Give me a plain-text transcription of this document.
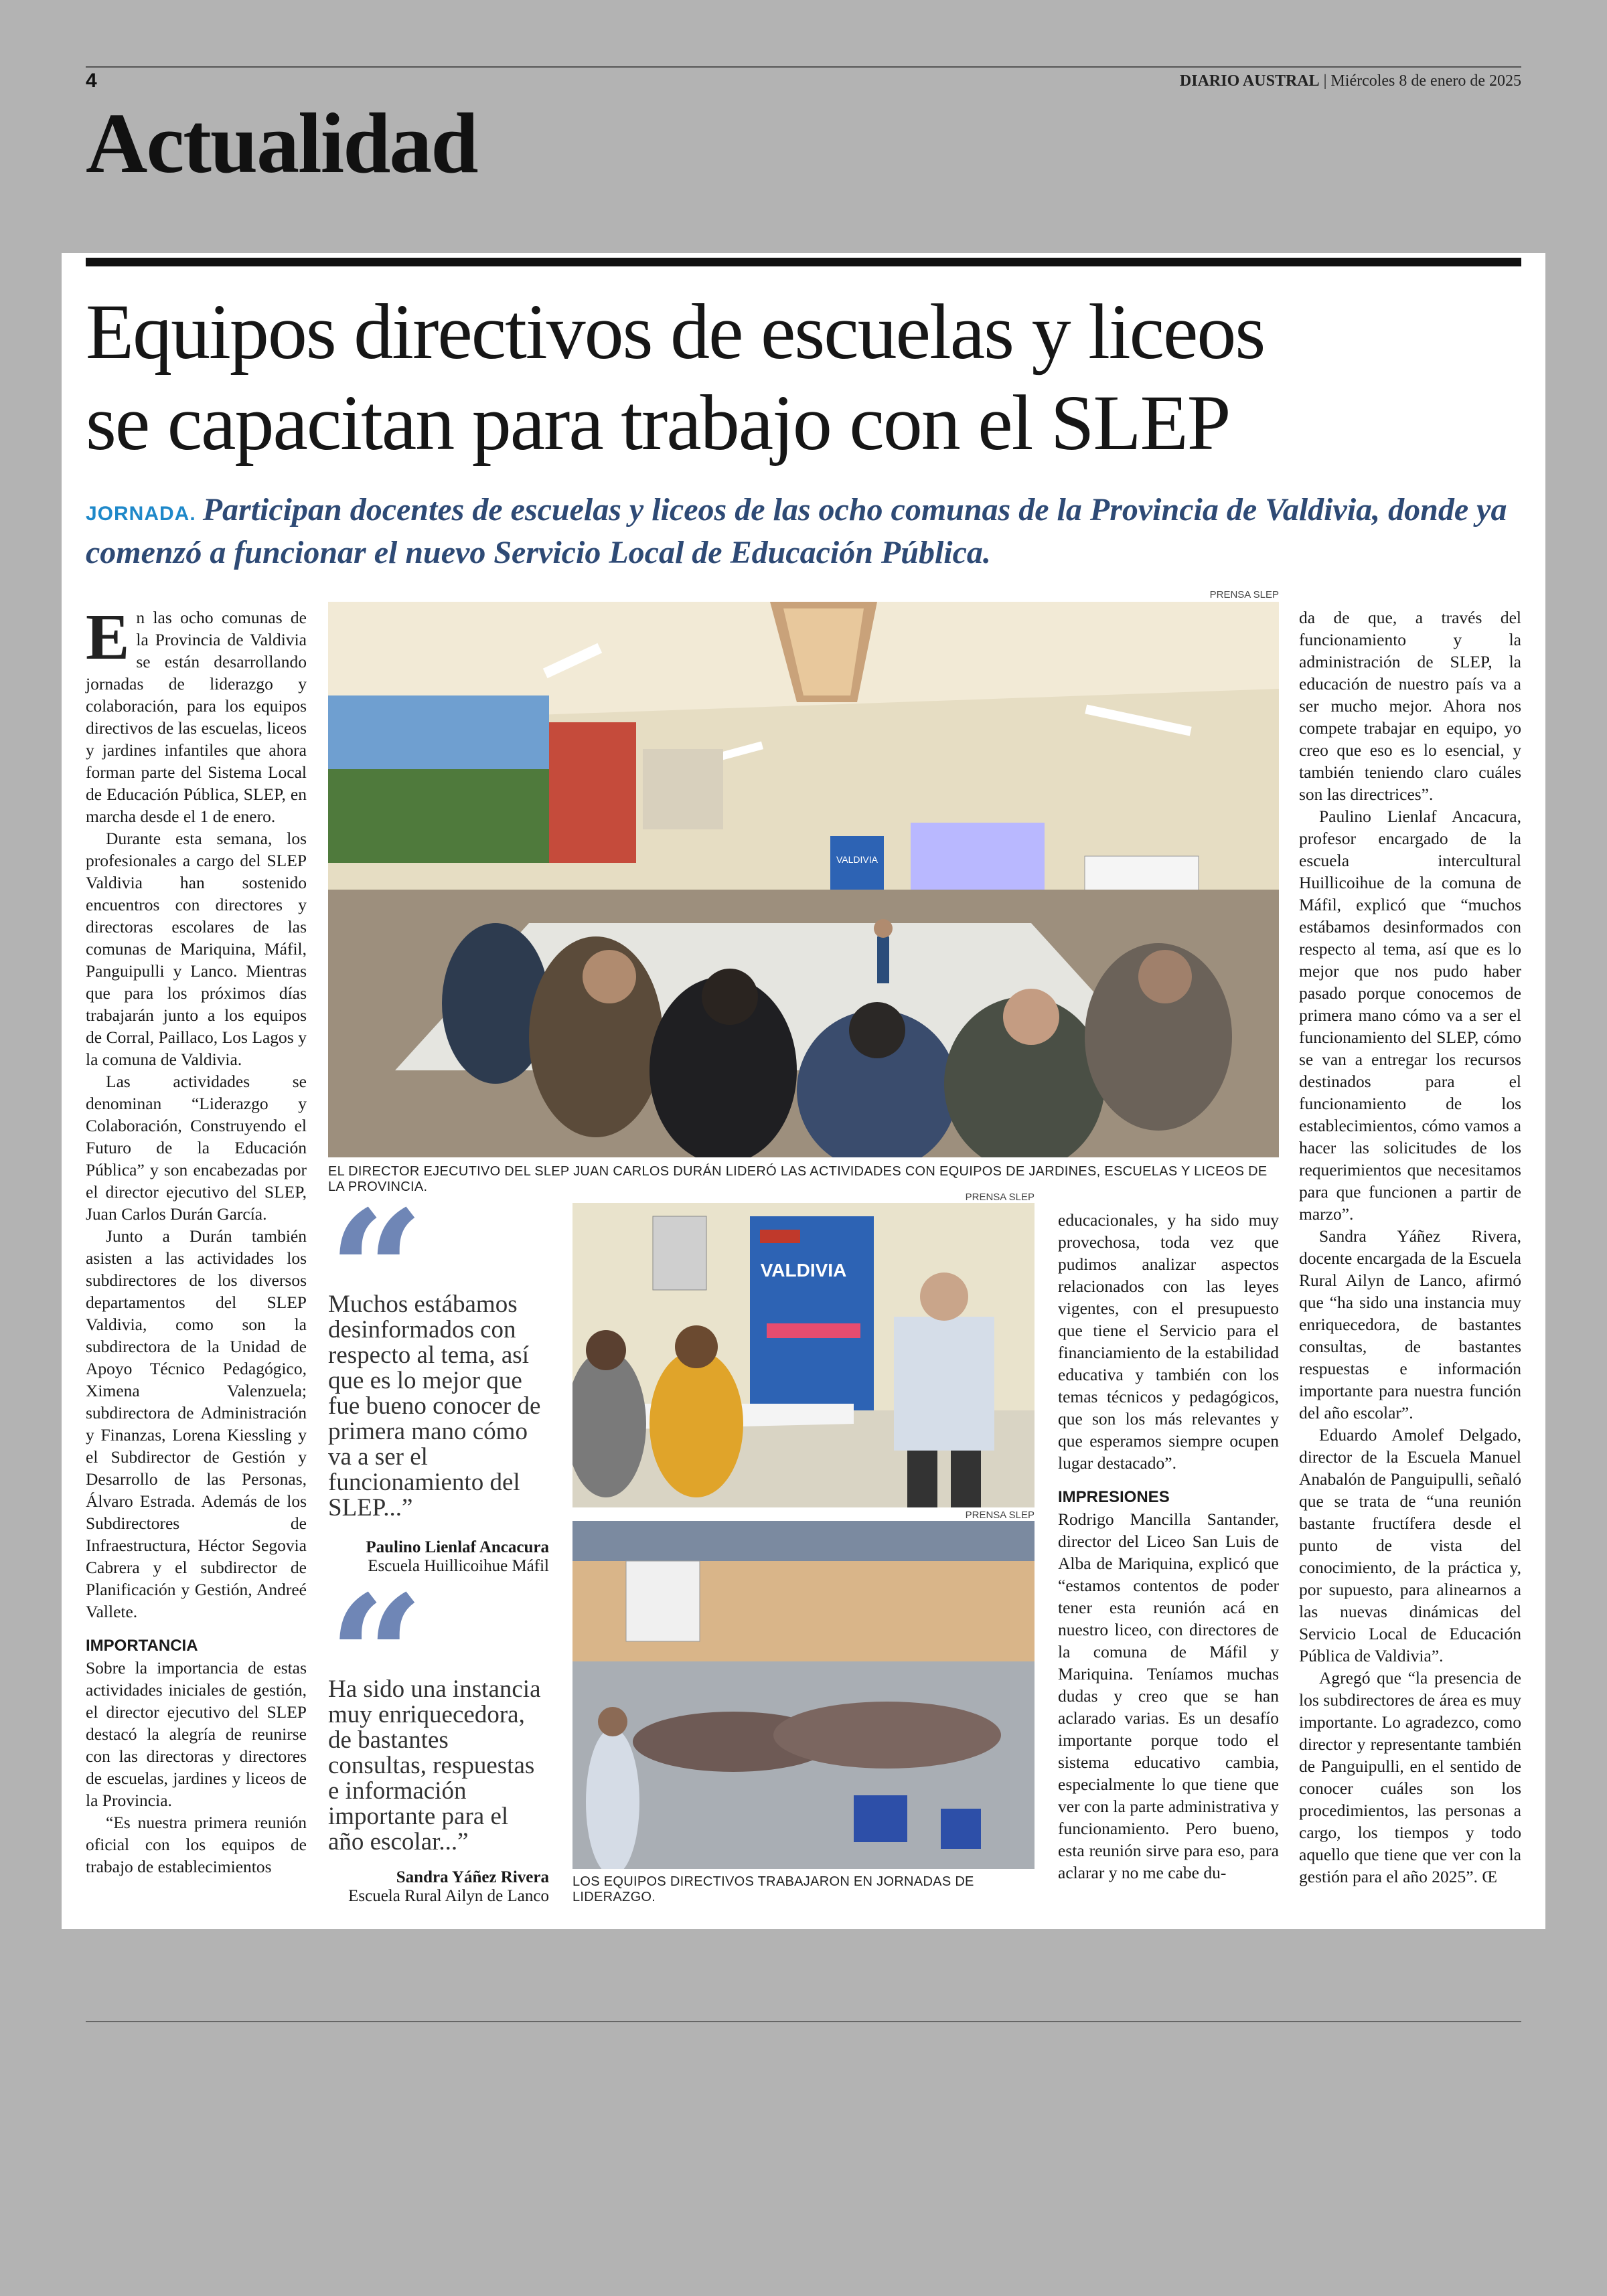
4	DIARIO AUSTRAL | Miércoles 8 de enero de 2025
Actualidad
Equipos directivos de escuelas y liceos
se capacitan para trabajo con el SLEP
JORNADA. Participan docentes de escuelas y liceos de las ocho comunas de la Provincia de Valdivia, donde ya comenzó a funcionar el nuevo Servicio Local de Educación Pública.

En las ocho comunas de la Provincia de Valdivia se están desarrollando jornadas de liderazgo y colaboración, para los equipos directivos de las escuelas, liceos y jardines infantiles que ahora forman parte del Sistema Local de Educación Pública, SLEP, en marcha desde el 1 de enero.

Durante esta semana, los profesionales a cargo del SLEP Valdivia han sostenido encuentros con directores y directoras escolares de las comunas de Mariquina, Máfil, Panguipulli y Lanco. Mientras que para los próximos días trabajarán junto a los equipos de Corral, Paillaco, Los Lagos y la comuna de Valdivia.

Las actividades se denominan “Liderazgo y Colaboración, Construyendo el Futuro de la Educación Pública” y son encabezadas por el director ejecutivo del SLEP, Juan Carlos Durán García.

Junto a Durán también asisten a las actividades los subdirectores de los diversos departamentos del SLEP Valdivia, como son la subdirectora de la Unidad de Apoyo Técnico Pedagógico, Ximena Valenzuela; subdirectora de Administración y Finanzas, Lorena Kiessling y el Subdirector de Gestión y Desarrollo de las Personas, Álvaro Estrada. Además de los Subdirectores de Infraestructura, Héctor Segovia Cabrera y el subdirector de Planificación y Gestión, Andreé Vallete.

IMPORTANCIA

Sobre la importancia de estas actividades iniciales de gestión, el director ejecutivo del SLEP destacó la alegría de reunirse con las directoras y directores de escuelas, jardines y liceos de la Provincia.

“Es nuestra primera reunión oficial con los equipos de trabajo de establecimientos

PRENSA SLEP
VALDIVIA
EL DIRECTOR EJECUTIVO DEL SLEP JUAN CARLOS DURÁN LIDERÓ LAS ACTIVIDADES CON EQUIPOS DE JARDINES, ESCUELAS Y LICEOS DE LA PROVINCIA.
Muchos estábamos desinformados con respecto al tema, así que es lo mejor que fue bueno conocer de primera mano cómo va a ser el funcionamiento del SLEP...”
Paulino Lienlaf Ancacura
Escuela Huillicoihue Máfil
Ha sido una instancia muy enriquecedora, de bastantes consultas, respuestas e información importante para el año escolar...”
Sandra Yáñez Rivera
Escuela Rural Ailyn de Lanco
PRENSA SLEP
VALDIVIA
PRENSA SLEP
LOS EQUIPOS DIRECTIVOS TRABAJARON EN JORNADAS DE LIDERAZGO.

educacionales, y ha sido muy provechosa, toda vez que pudimos analizar aspectos relacionados con las leyes vigentes, con el presupuesto que tiene el Servicio para el financiamiento de la estabilidad educativa y también con los temas técnicos y pedagógicos, que son los más relevantes y que esperamos siempre ocupen lugar destacado”.

IMPRESIONES

Rodrigo Mancilla Santander, director del Liceo San Luis de Alba de Mariquina, explicó que “estamos contentos de poder tener esta reunión acá en nuestro liceo, con directores de la comuna de Máfil y Mariquina. Teníamos muchas dudas y creo que se han aclarado varias. Es un desafío importante porque todo el sistema educativo cambia, especialmente lo que tiene que ver con la parte administrativa y funcionamiento. Pero bueno, esta reunión sirve para eso, para aclarar y no me cabe du-

da de que, a través del funcionamiento y la administración de SLEP, la educación de nuestro país va a ser mucho mejor. Ahora nos compete trabajar en equipo, yo creo que eso es lo esencial, y también teniendo claro cuáles son las directrices”.

Paulino Lienlaf Ancacura, profesor encargado de la escuela intercultural Huillicoihue de la comuna de Máfil, explicó que “muchos estábamos desinformados con respecto al tema, así que es lo mejor que nos pudo haber pasado porque conocemos de primera mano cómo va a ser el funcionamiento del SLEP, cómo se van a entregar los recursos destinados para el funcionamiento de los establecimientos, cómo vamos a hacer las solicitudes de los requerimientos que necesitamos para que funcionen a partir de marzo”.

Sandra Yáñez Rivera, docente encargada de la Escuela Rural Ailyn de Lanco, afirmó que “ha sido una instancia muy enriquecedora, de bastantes consultas, de bastantes respuestas e información importante para nuestra función del año escolar”.

Eduardo Amolef Delgado, director de la Escuela Manuel Anabalón de Panguipulli, señaló que se trata de “una reunión bastante fructífera desde el punto de vista del conocimiento, de la práctica y, por supuesto, para alinearnos a las nuevas dinámicas del Servicio Local de Educación Pública de Valdivia”.

Agregó que “la presencia de los subdirectores de área es muy importante. Lo agradezco, como director y representante también de Panguipulli, en el sentido de conocer cuáles son los procedimientos, las personas a cargo, los tiempos y todo aquello que tiene que ver con la gestión para el año 2025”. Œ
